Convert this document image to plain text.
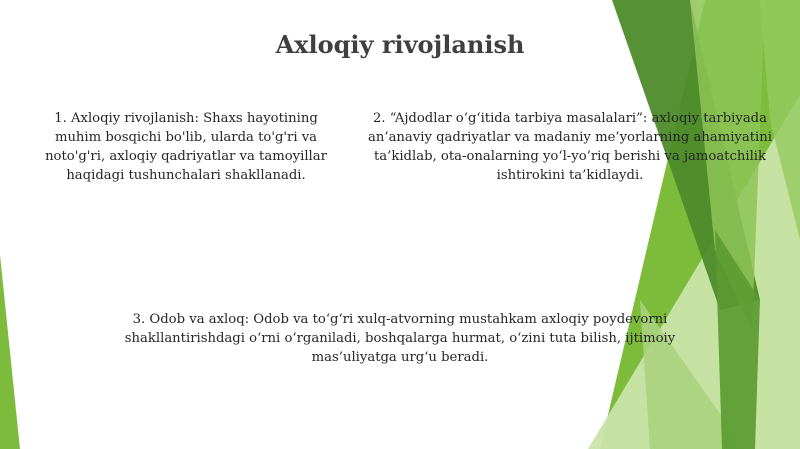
Axloqiy rivojlanish

1. Axloqiy rivojlanish: Shaxs hayotining muhim bosqichi bo'lib, ularda to'g'ri va noto'g'ri, axloqiy qadriyatlar va tamoyillar haqidagi tushunchalari shakllanadi.

2. “Ajdodlar o‘g‘itida tarbiya masalalari”: axloqiy tarbiyada an’anaviy qadriyatlar va madaniy me’yorlarning ahamiyatini ta’kidlab, ota-onalarning yo‘l-yo‘riq berishi va jamoatchilik ishtirokini ta’kidlaydi.

3. Odob va axloq: Odob va to‘g‘ri xulq-atvorning mustahkam axloqiy poydevorni shakllantirishdagi o‘rni o‘rganiladi, boshqalarga hurmat, o‘zini tuta bilish, ijtimoiy mas’uliyatga urg‘u beradi.
